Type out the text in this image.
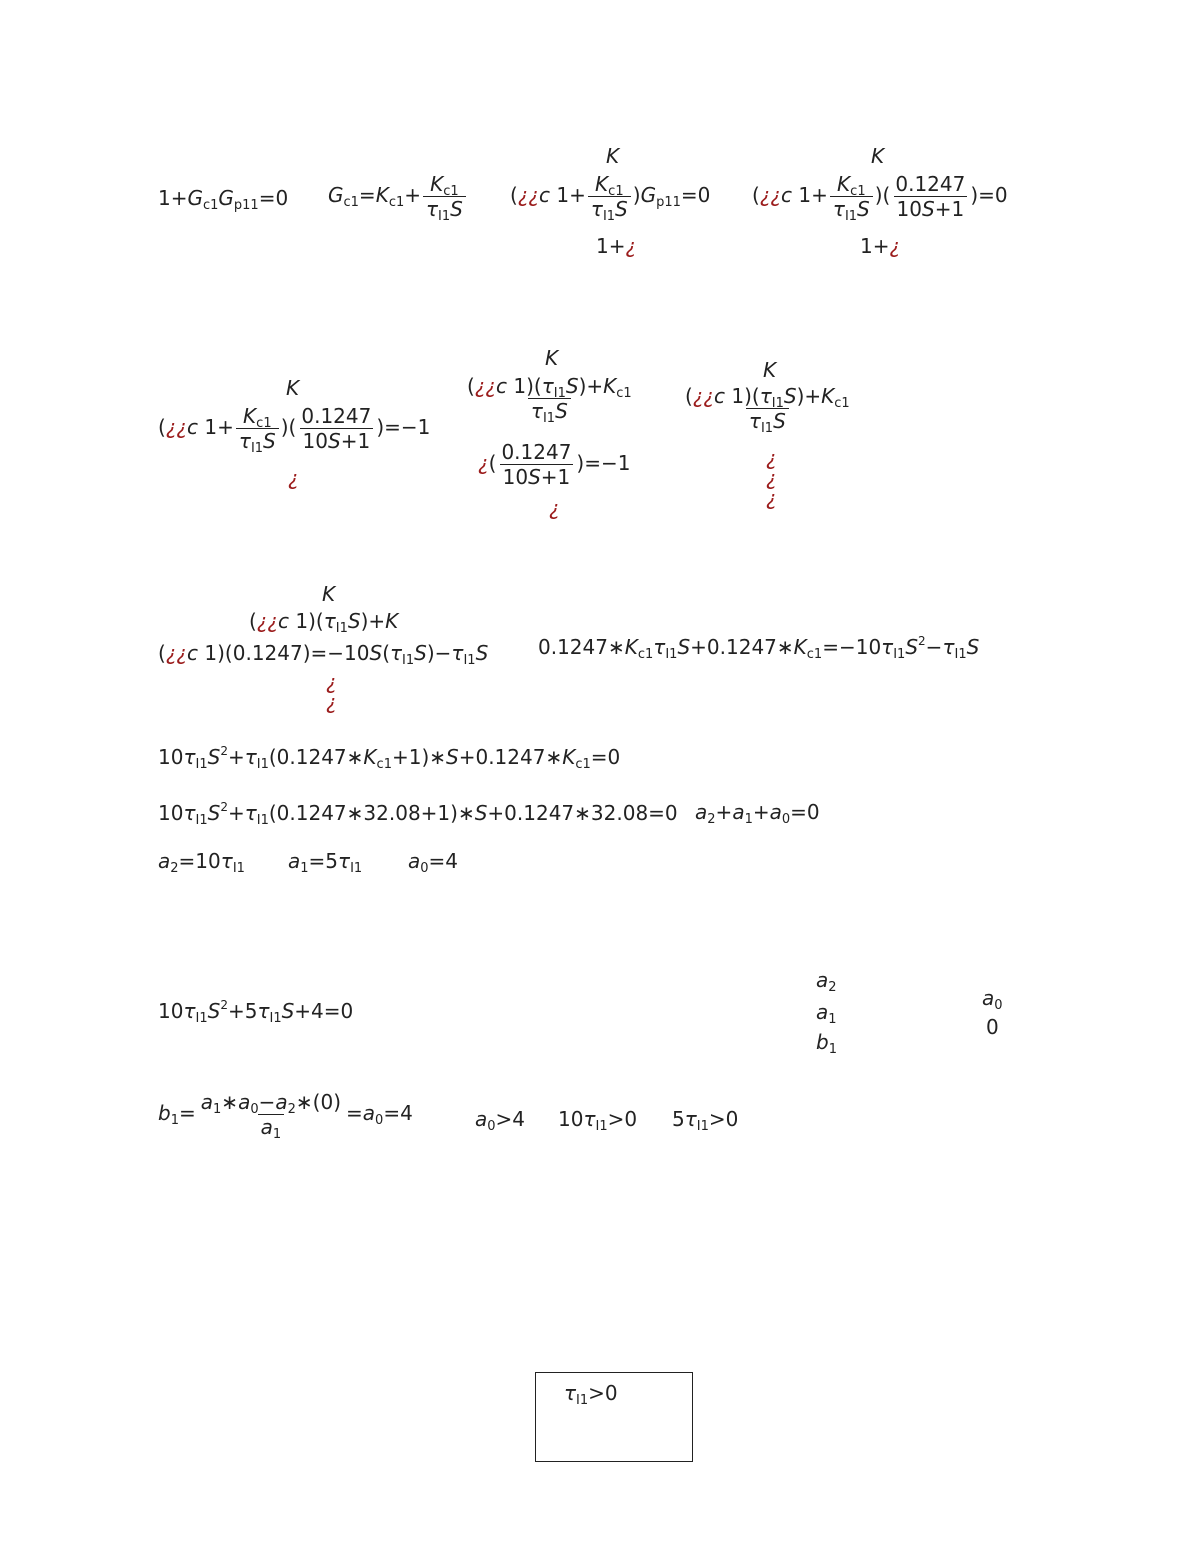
$1+G_{c1}G_{p11}=0$ $G_{c1}=K_{c1}+ \frac{K_{c1}}{\tau_{I1}S}$
K
(¿¿c $1+ \frac{K_{c1}}{\tau_{I1}S} )G_{p11}=0$
1+¿
K
(¿¿c $1+ \frac{K_{c1}}{\tau_{I1}S}$ )( $\frac{0.1247}{10S+1} )=0$
1+¿
K
(¿¿c $1+ \frac{K_{c1}}{\tau_{I1}S}$ )( $\frac{0.1247}{10S+1} )=-1$
¿
K
$\frac{(¿¿c 1)(\tau_{I1}S)+K_{c1}}{\tau_{I1}S}$
¿( $\frac{0.1247}{10S+1} )=-1$
¿
K
$\frac{(¿¿c 1)(\tau_{I1}S)+K_{c1}}{\tau_{I1}S}$
¿
¿
¿
K
(¿¿c $1)(\tau_{I1}S)+K$
(¿¿c $1)(0.1247)=-10S(\tau_{I1}S)-\tau_{I1}S$
¿
¿
$0.1247∗K_{c1}\tau_{I1}S+0.1247∗K_{c1}=-10\tau_{I1}S^2-\tau_{I1}S$
$10\tau_{I1}S^2+\tau_{I1}(0.1247∗K_{c1}+1)∗S+0.1247∗K_{c1}=0$
$10\tau_{I1}S^2+\tau_{I1}(0.1247∗32.08+1)∗S+0.1247∗32.08=0$ $a_2+a_1+a_0=0$
$a_2=10\tau_{I1}$ $a_1=5\tau_{I1}$ $a_0=4$
$10\tau_{I1}S^2+5\tau_{I1}S+4=0$
$a_2$
$a_1$
$b_1$
$a_0$
0
$b_1= \frac{a_1∗a_0-a_2∗(0)}{a_1} =a_0=4$	$a_0>4$ $10\tau_{I1}>0$ $5\tau_{I1}>0$
$\tau_{I1}>0$
